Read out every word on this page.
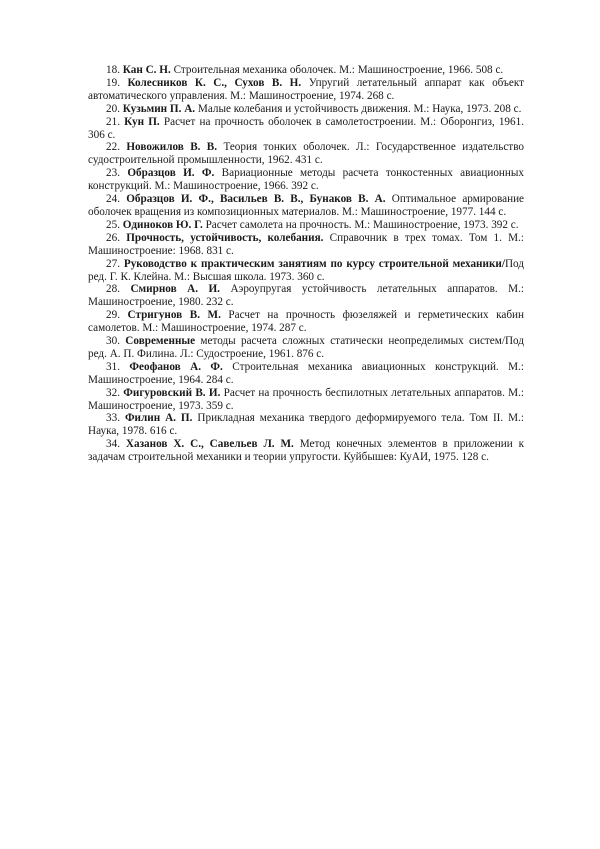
18. Кан С. Н. Строительная механика оболочек. М.: Машиностроение, 1966. 508 с.

19. Колесников К. С., Сухов В. Н. Упругий летательный аппарат как объект автоматического управления. М.: Машиностроение, 1974. 268 с.

20. Кузьмин П. А. Малые колебания и устойчивость движения. М.: Наука, 1973. 208 с.

21. Кун П. Расчет на прочность оболочек в самолетостроении. М.: Оборонгиз, 1961. 306 с.

22. Новожилов В. В. Теория тонких оболочек. Л.: Государственное издательство судостроительной промышленности, 1962. 431 с.

23. Образцов И. Ф. Вариационные методы расчета тонкостенных авиационных конструкций. М.: Машиностроение, 1966. 392 с.

24. Образцов И. Ф., Васильев В. В., Бунаков В. А. Оптимальное армирование оболочек вращения из композиционных материалов. М.: Машиностроение, 1977. 144 с.

25. Одиноков Ю. Г. Расчет самолета на прочность. М.: Машиностроение, 1973. 392 с.

26. Прочность, устойчивость, колебания. Справочник в трех томах. Том 1. М.: Машиностроение: 1968. 831 с.

27. Руководство к практическим занятиям по курсу строительной механики/Под ред. Г. К. Клейна. М.: Высшая школа. 1973. 360 с.

28. Смирнов А. И. Аэроупругая устойчивость летательных аппаратов. М.: Машиностроение, 1980. 232 с.

29. Стригунов В. М. Расчет на прочность фюзеляжей и герметических кабин самолетов. М.: Машиностроение, 1974. 287 с.

30. Современные методы расчета сложных статически неопределимых систем/Под ред. А. П. Филина. Л.: Судостроение, 1961. 876 с.

31. Феофанов А. Ф. Строительная механика авиационных конструкций. М.: Машиностроение, 1964. 284 с.

32. Фигуровский В. И. Расчет на прочность беспилотных летательных аппаратов. М.: Машиностроение, 1973. 359 с.

33. Филин А. П. Прикладная механика твердого деформируемого тела. Том II. М.: Наука, 1978. 616 с.

34. Хазанов Х. С., Савельев Л. М. Метод конечных элементов в приложении к задачам строительной механики и теории упругости. Куйбышев: КуАИ, 1975. 128 с.
